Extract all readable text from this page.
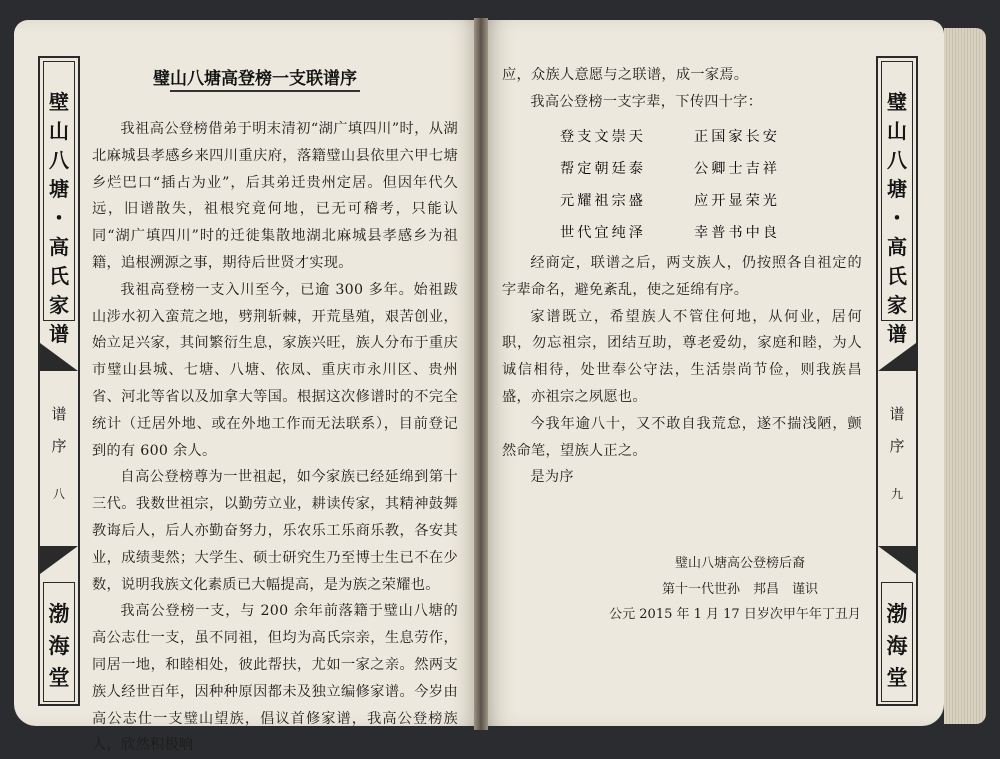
壁
山
八
塘
・
高
氏
家
谱
谱
序
八
渤
海
堂
璧山八塘高登榜一支联谱序

我祖高公登榜借弟于明末清初“湖广填四川”时，从湖北麻城县孝感乡来四川重庆府，落籍璧山县依里六甲七塘乡烂巴口“插占为业”，后其弟迁贵州定居。但因年代久远，旧谱散失，祖根究竟何地，已无可稽考，只能认同“湖广填四川”时的迁徙集散地湖北麻城县孝感乡为祖籍，追根溯源之事，期待后世贤才实现。

我祖高登榜一支入川至今，已逾 300 多年。始祖跋山涉水初入蛮荒之地，劈荆斩棘，开荒垦殖，艰苦创业，始立足兴家，其间繁衍生息，家族兴旺，族人分布于重庆市璧山县城、七塘、八塘、依凤、重庆市永川区、贵州省、河北等省以及加拿大等国。根据这次修谱时的不完全统计（迁居外地、或在外地工作而无法联系），目前登记到的有 600 余人。

自高公登榜尊为一世祖起，如今家族已经延绵到第十三代。我数世祖宗，以勤劳立业，耕读传家，其精神鼓舞教诲后人，后人亦勤奋努力，乐农乐工乐商乐教，各安其业，成绩斐然；大学生、硕士研究生乃至博士生已不在少数，说明我族文化素质已大幅提高，是为族之荣耀也。

我高公登榜一支，与 200 余年前落籍于璧山八塘的高公志仕一支，虽不同祖，但均为高氏宗亲，生息劳作，同居一地，和睦相处，彼此帮扶，尤如一家之亲。然两支族人经世百年，因种种原因都未及独立编修家谱。今岁由高公志仕一支璧山望族，倡议首修家谱，我高公登榜族人，欣然积极响

应，众族人意愿与之联谱，成一家焉。

我高公登榜一支字辈，下传四十字：

登支文崇天	正国家长安
帮定朝廷泰	公卿士吉祥
元耀祖宗盛	应开显荣光
世代宜纯泽	幸普书中良

经商定，联谱之后，两支族人，仍按照各自祖定的字辈命名，避免紊乱，使之延绵有序。

家谱既立，希望族人不管住何地，从何业，居何职，勿忘祖宗，团结互助，尊老爱幼，家庭和睦，为人诚信相待，处世奉公守法，生活崇尚节俭，则我族昌盛，亦祖宗之夙愿也。

今我年逾八十，又不敢自我荒怠，遂不揣浅陋，颤然命笔，望族人正之。

是为序

璧山八塘高公登榜后裔
第十一代世孙　邦昌　谨识
公元 2015 年 1 月 17 日岁次甲午年丁丑月
璧
山
八
塘
・
高
氏
家
谱
谱
序
九
渤
海
堂
